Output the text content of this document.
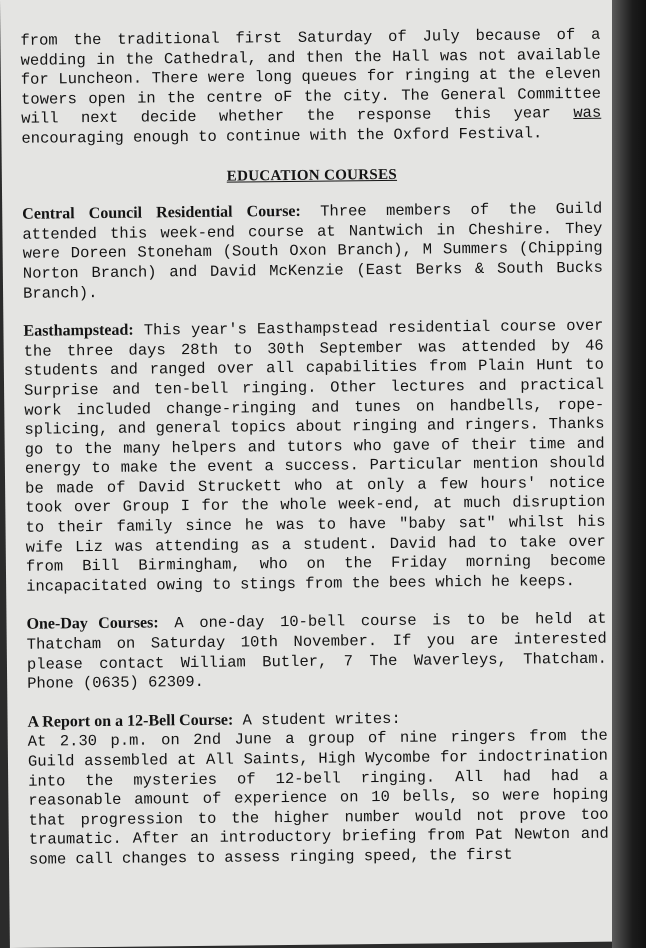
from the traditional first Saturday of July because of a wedding in the Cathedral, and then the Hall was not available for Luncheon. There were long queues for ringing at the eleven towers open in the centre oF the city. The General Committee will next decide whether the response this year was encouraging enough to continue with the Oxford Festival.

EDUCATION COURSES

Central Council Residential Course: Three members of the Guild attended this week-end course at Nantwich in Cheshire. They were Doreen Stoneham (South Oxon Branch), M Summers (Chipping Norton Branch) and David McKenzie (East Berks & South Bucks Branch).

Easthampstead: This year's Easthampstead residential course over the three days 28th to 30th September was attended by 46 students and ranged over all capabilities from Plain Hunt to Surprise and ten-bell ringing. Other lectures and practical work included change-ringing and tunes on handbells, rope-splicing, and general topics about ringing and ringers. Thanks go to the many helpers and tutors who gave of their time and energy to make the event a success. Particular mention should be made of David Struckett who at only a few hours' notice took over Group I for the whole week-end, at much disruption to their family since he was to have "baby sat" whilst his wife Liz was attending as a student. David had to take over from Bill Birmingham, who on the Friday morning become incapacitated owing to stings from the bees which he keeps.

One-Day Courses: A one-day 10-bell course is to be held at Thatcham on Saturday 10th November. If you are interested please contact William Butler, 7 The Waverleys, Thatcham. Phone (0635) 62309.

A Report on a 12-Bell Course: A student writes:
At 2.30 p.m. on 2nd June a group of nine ringers from the Guild assembled at All Saints, High Wycombe for indoctrination into the mysteries of 12-bell ringing. All had had a reasonable amount of experience on 10 bells, so were hoping that progression to the higher number would not prove too traumatic. After an introductory briefing from Pat Newton and some call changes to assess ringing speed, the first
